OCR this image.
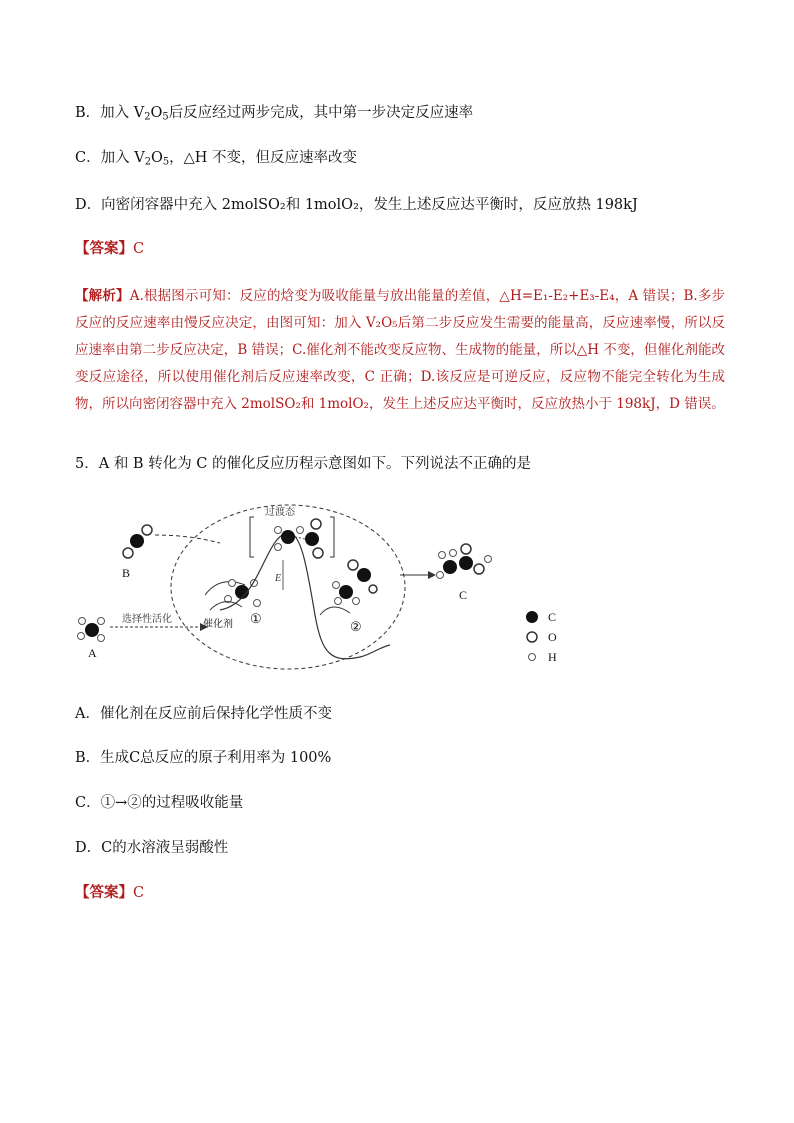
B．加入 $V_2O_5$后反应经过两步完成，其中第一步决定反应速率
C．加入 $V_2O_5$，△H 不变，但反应速率改变
D．向密闭容器中充入 2molSO₂和 1molO₂，发生上述反应达平衡时，反应放热 198kJ
【答案】C
【解析】A.根据图示可知：反应的焓变为吸收能量与放出能量的差值，△H=E₁-E₂+E₃-E₄，A 错误；B.多步反应的反应速率由慢反应决定，由图可知：加入 V₂O₅后第二步反应发生需要的能量高，反应速率慢，所以反应速率由第二步反应决定，B 错误；C.催化剂不能改变反应物、生成物的能量，所以△H 不变，但催化剂能改变反应途径，所以使用催化剂后反应速率改变，C 正确；D.该反应是可逆反应，反应物不能完全转化为生成物，所以向密闭容器中充入 2molSO₂和 1molO₂，发生上述反应达平衡时，反应放热小于 198kJ，D 错误。
5．A 和 B 转化为 C 的催化反应历程示意图如下。下列说法不正确的是
B
A
选择性活化	催化剂 ①
E
过渡态
②
C
C
O
H
A．催化剂在反应前后保持化学性质不变
B．生成C总反应的原子利用率为 100%
C．①→②的过程吸收能量
D．C的水溶液呈弱酸性
【答案】C
